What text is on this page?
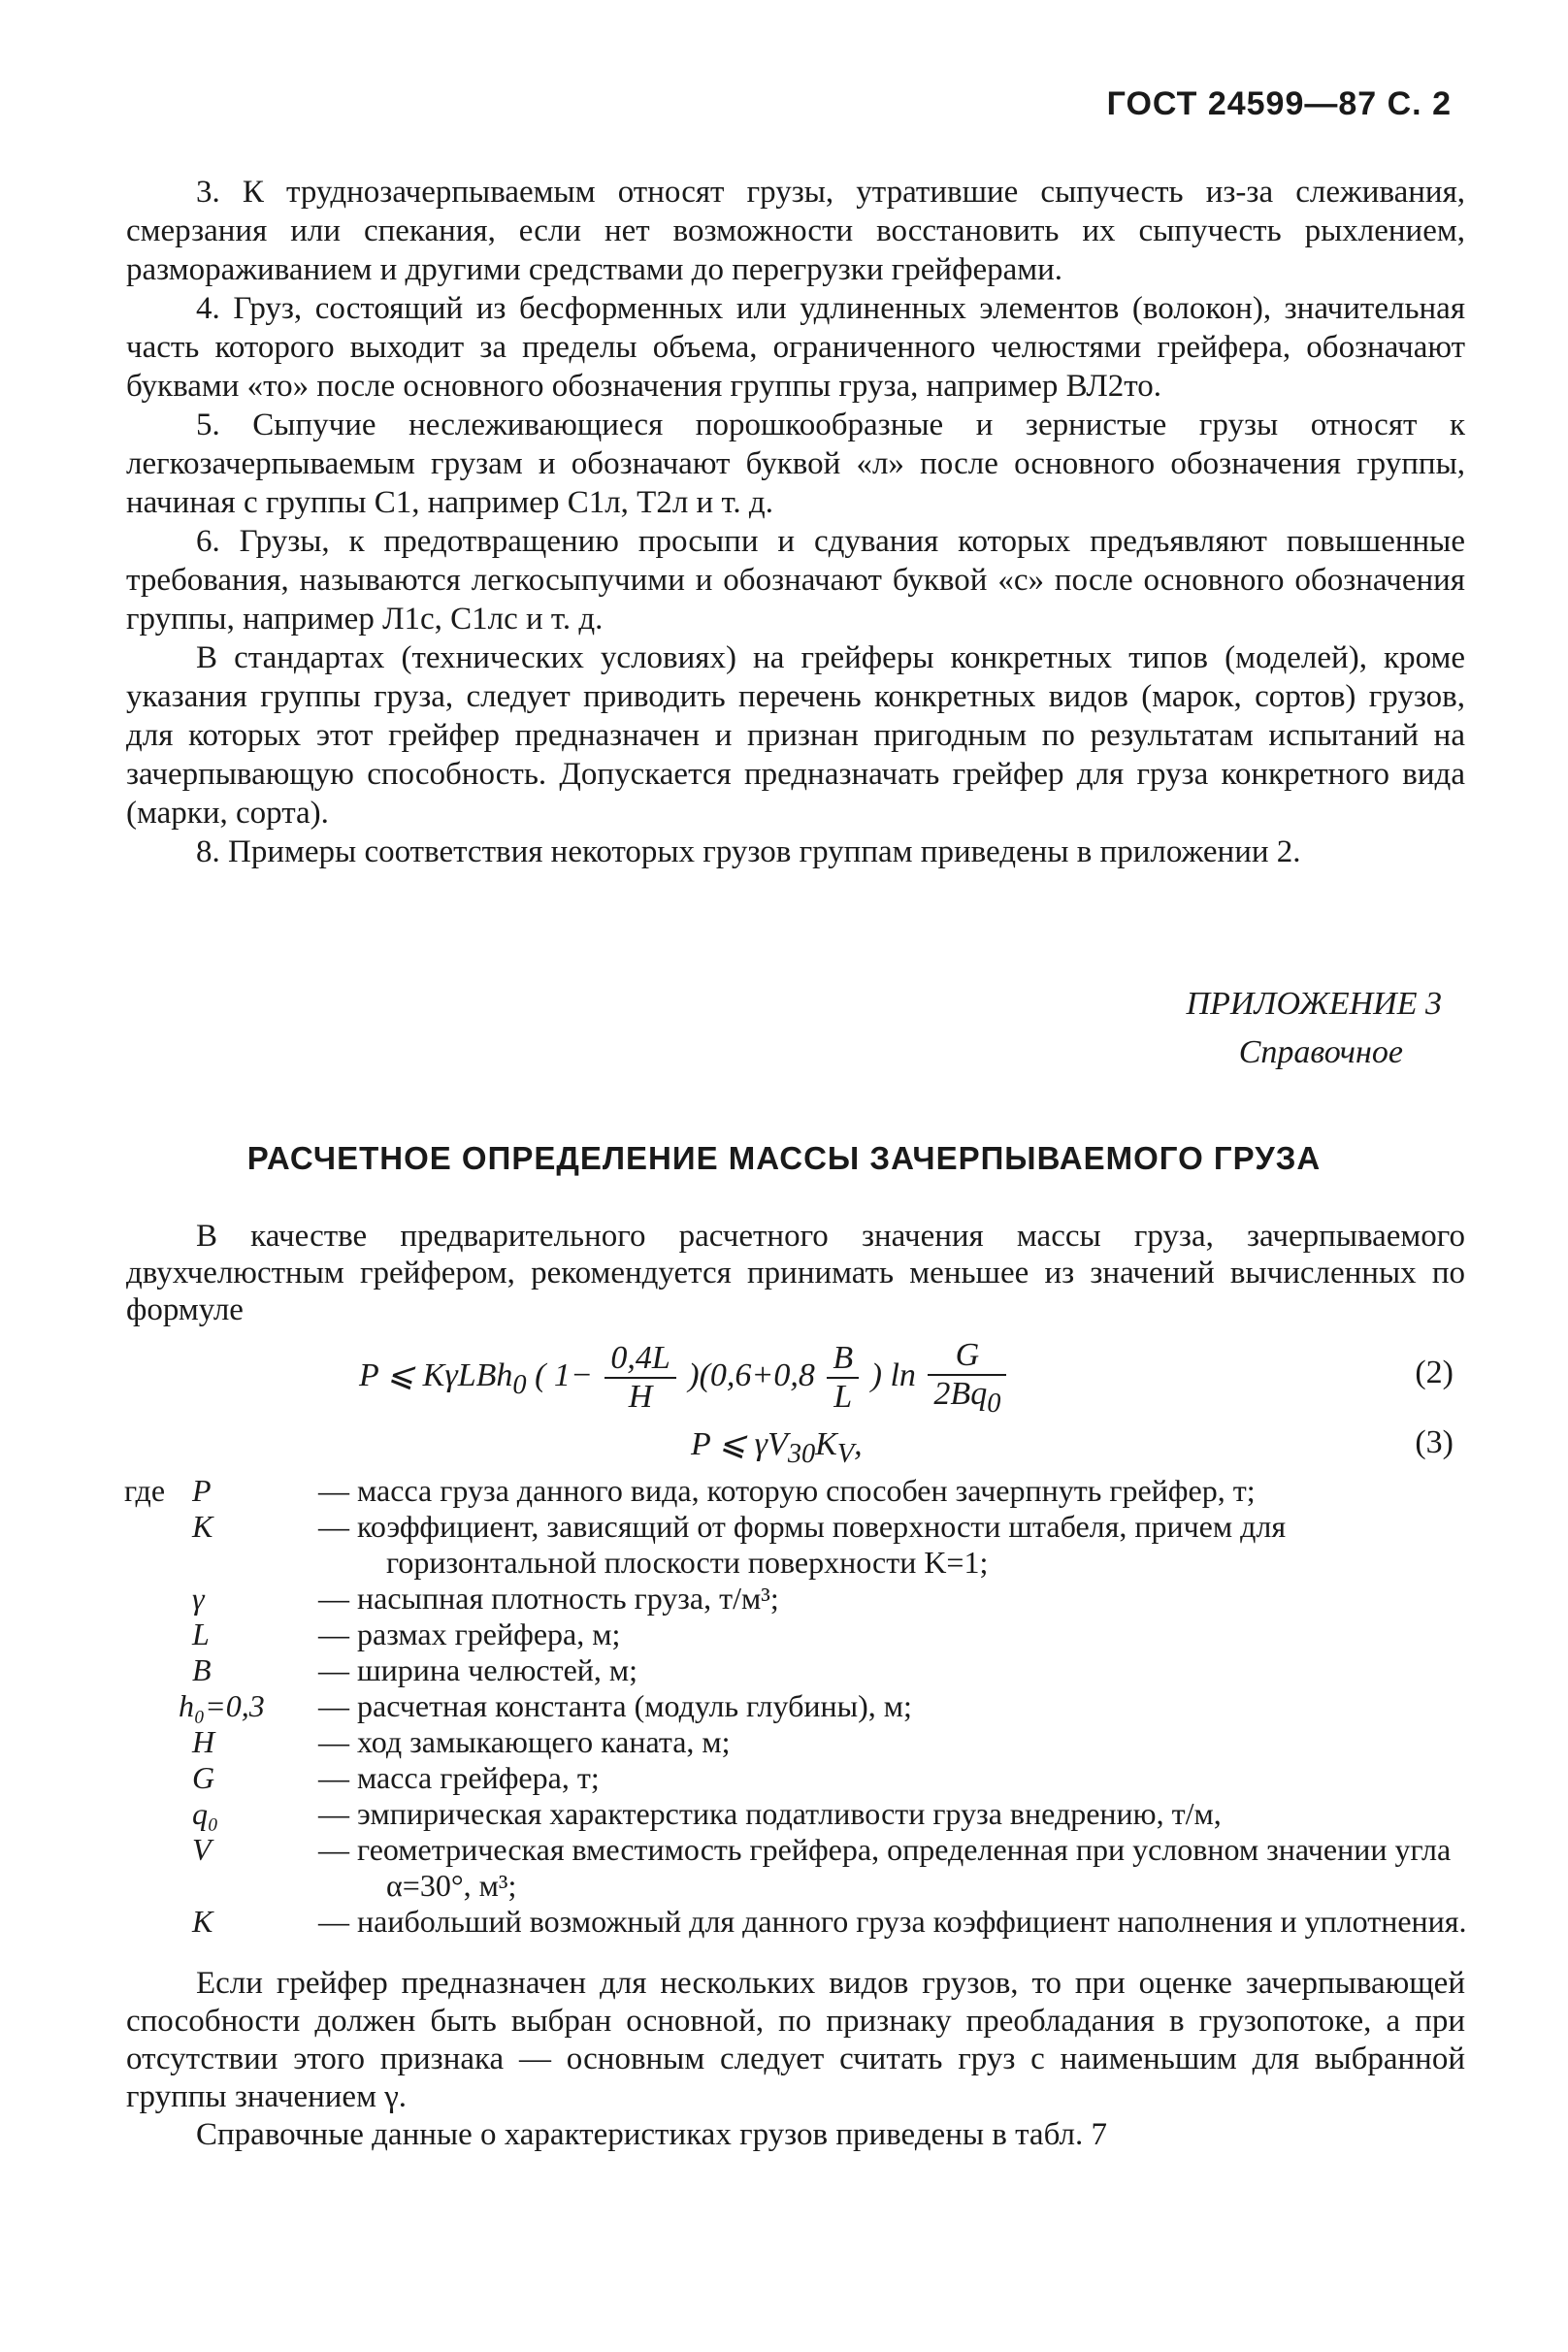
ГОСТ 24599—87 С. 2

3. К труднозачерпываемым относят грузы, утратившие сыпучесть из-за слеживания, смерзания или спекания, если нет возможности восстановить их сыпучесть рыхлением, размораживанием и другими средствами до перегрузки грейферами.

4. Груз, состоящий из бесформенных или удлиненных элементов (волокон), значительная часть которого выходит за пределы объема, ограниченного челюстями грейфера, обозначают буквами «то» после основного обозначения группы груза, например ВЛ2то.

5. Сыпучие неслеживающиеся порошкообразные и зернистые грузы относят к легкозачерпываемым грузам и обозначают буквой «л» после основного обозначения группы, начиная с группы С1, например С1л, Т2л и т. д.

6. Грузы, к предотвращению просыпи и сдувания которых предъявляют повышенные требования, называются легкосыпучими и обозначают буквой «с» после основного обозначения группы, например Л1с, С1лс и т. д.

В стандартах (технических условиях) на грейферы конкретных типов (моделей), кроме указания группы груза, следует приводить перечень конкретных видов (марок, сортов) грузов, для которых этот грейфер предназначен и признан пригодным по результатам испытаний на зачерпывающую способность. Допускается предназначать грейфер для груза конкретного вида (марки, сорта).

8. Примеры соответствия некоторых грузов группам приведены в приложении 2.

ПРИЛОЖЕНИЕ 3
Справочное
РАСЧЕТНОЕ ОПРЕДЕЛЕНИЕ МАССЫ ЗАЧЕРПЫВАЕМОГО ГРУЗА

В качестве предварительного расчетного значения массы груза, зачерпываемого двухчелюстным грейфером, рекомендуется принимать меньшее из значений вычисленных по формуле

P ⩽ KγLBh$_0$ ( $1- \frac{0,4L}{H} )(0,6+0,8 \frac{B}{L}$ ) $\ln \frac{G}{2Bq_0}$	(2)
P ⩽ $\gamma V_{30}K_V$,	(3)
где P	— масса груза данного вида, которую способен зачерпнуть грейфер, т;
K	— коэффициент, зависящий от формы поверхности штабеля, причем для горизонтальной плоскости поверхности K=1;
γ	— насыпная плотность груза, т/м³;
L	— размах грейфера, м;
B	— ширина челюстей, м;
h₀=0,3 — расчетная константа (модуль глубины), м;
H	— ход замыкающего каната, м;
G	— масса грейфера, т;
q₀	— эмпирическая характерстика податливости груза внедрению, т/м,
V	— геометрическая вместимость грейфера, определенная при условном значении угла α=30°, м³;
K	— наибольший возможный для данного груза коэффициент наполнения и уплотнения.

Если грейфер предназначен для нескольких видов грузов, то при оценке зачерпывающей способности должен быть выбран основной, по признаку преобладания в грузопотоке, а при отсутствии этого признака — основным следует считать груз с наименьшим для выбранной группы значением γ.

Справочные данные о характеристиках грузов приведены в табл. 7
